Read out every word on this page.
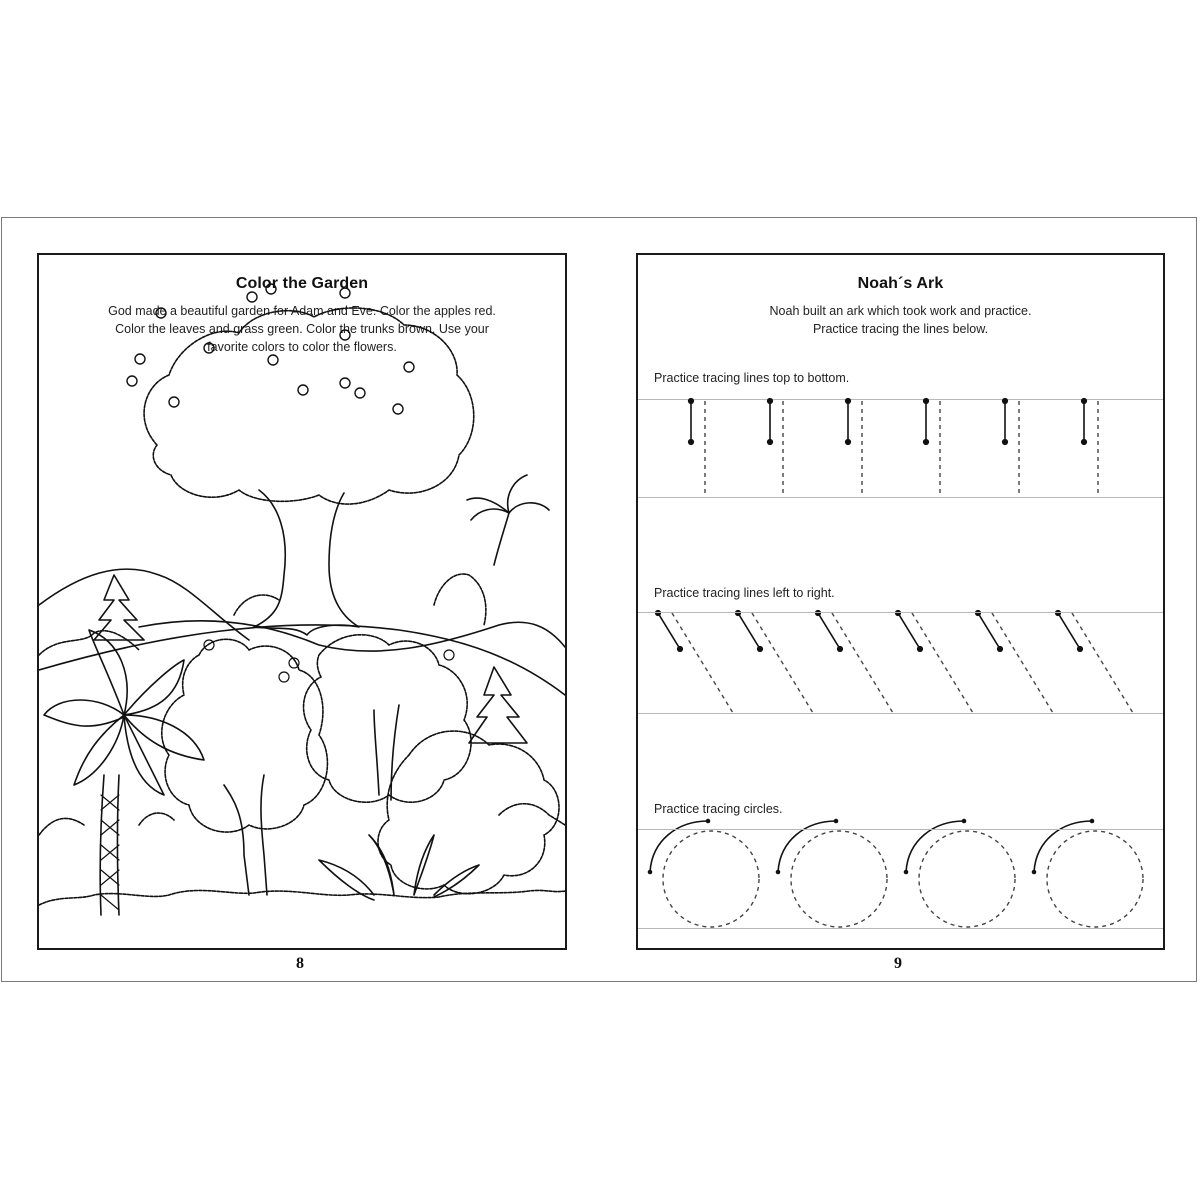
Color the Garden
God made a beautiful garden for Adam and Eve. Color the apples red.
Color the leaves and grass green. Color the trunks brown. Use your
favorite colors to color the flowers.
8
Noah´s Ark
Noah built an ark which took work and practice.
Practice tracing the lines below.
Practice tracing lines top to bottom.
Practice tracing lines left to right.
Practice tracing circles.
9
